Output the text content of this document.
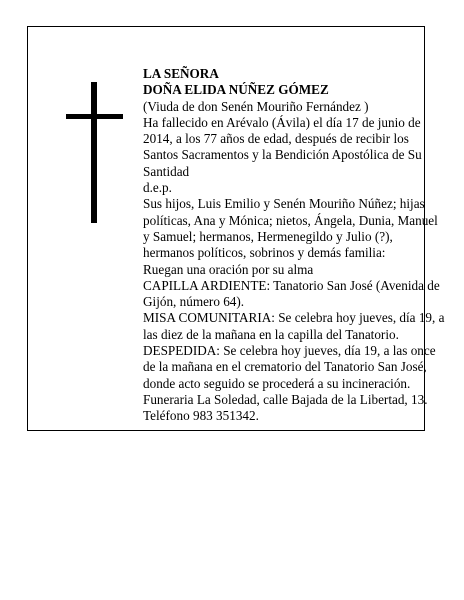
LA SEÑORA

DOÑA ELIDA NÚÑEZ GÓMEZ

(Viuda de don Senén Mouriño Fernández )

Ha fallecido en Arévalo (Ávila) el día 17 de junio de 2014, a los 77 años de edad, después de recibir los Santos Sacramentos y la Bendición Apostólica de Su Santidad

d.e.p.

Sus hijos, Luis Emilio y Senén Mouriño Núñez; hijas políticas, Ana y Mónica; nietos, Ángela, Dunia, Manuel y Samuel; hermanos, Hermenegildo y Julio (?), hermanos políticos, sobrinos y demás familia:

Ruegan una oración por su alma

CAPILLA ARDIENTE: Tanatorio San José (Avenida de Gijón, número 64).

MISA COMUNITARIA: Se celebra hoy jueves, día 19, a las diez de la mañana en la capilla del Tanatorio.

DESPEDIDA: Se celebra hoy jueves, día 19, a las once de la mañana en el crematorio del Tanatorio San José, donde acto seguido se procederá a su incineración.

Funeraria La Soledad, calle Bajada de la Libertad, 13. Teléfono 983 351342.
